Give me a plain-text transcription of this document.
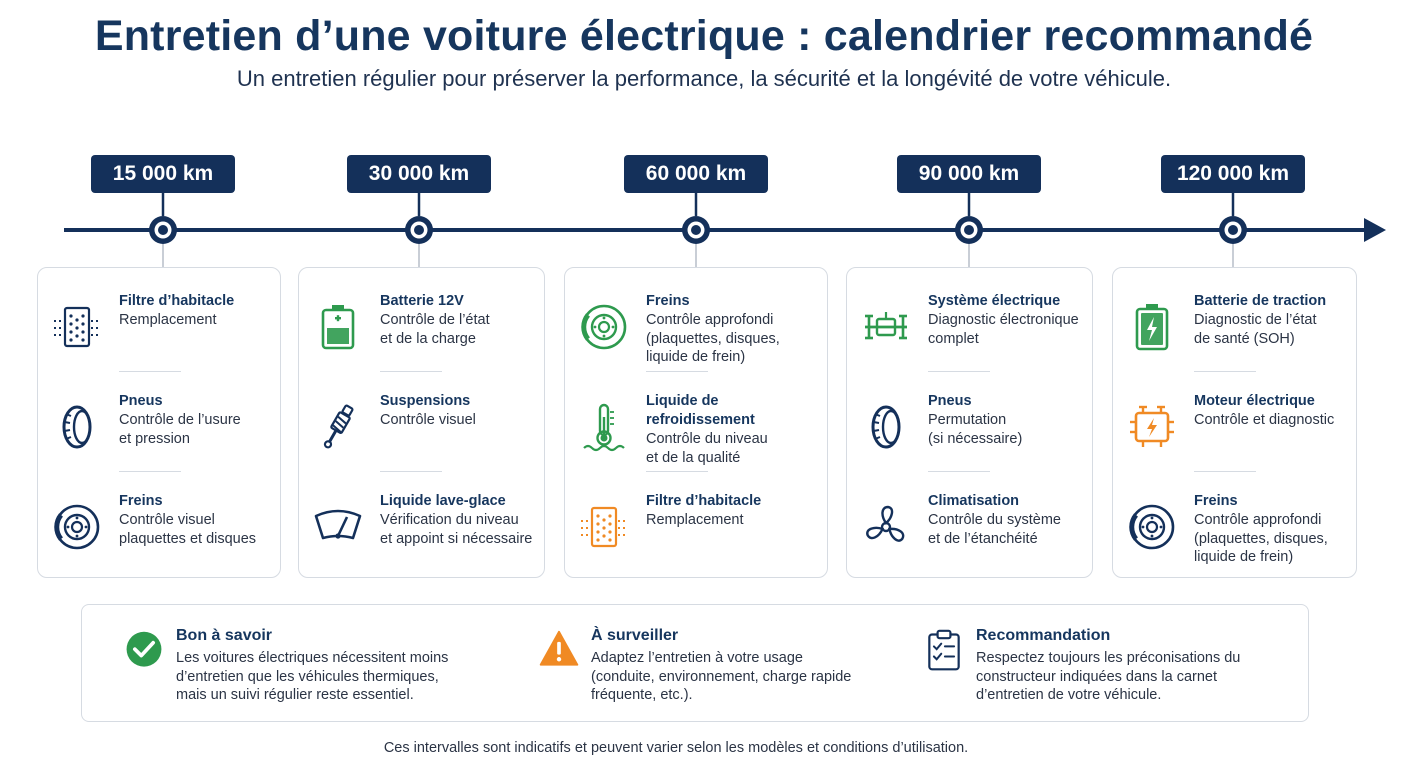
Entretien d’une voiture électrique : calendrier recommandé
Un entretien régulier pour préserver la performance, la sécurité et la longévité de votre véhicule.
15 000 km	30 000 km	60 000 km	90 000 km	120 000 km
Filtre d’habitacle
Remplacement
Pneus
Contrôle de l’usure
et pression
Freins
Contrôle visuel
plaquettes et disques
Batterie 12V
Contrôle de l’état
et de la charge
Suspensions
Contrôle visuel
Liquide lave-glace
Vérification du niveau
et appoint si nécessaire
Freins
Contrôle approfondi
(plaquettes, disques,
liquide de frein)
Liquide de refroidissement
Contrôle du niveau
et de la qualité
Filtre d’habitacle
Remplacement
Système électrique
Diagnostic électronique
complet
Pneus
Permutation
(si nécessaire)
Climatisation
Contrôle du système
et de l’étanchéité
Batterie de traction
Diagnostic de l’état
de santé (SOH)
Moteur électrique
Contrôle et diagnostic
Freins
Contrôle approfondi
(plaquettes, disques,
liquide de frein)
Bon à savoir
Les voitures électriques nécessitent moins
d’entretien que les véhicules thermiques,
mais un suivi régulier reste essentiel.
À surveiller
Adaptez l’entretien à votre usage
(conduite, environnement, charge rapide
fréquente, etc.).
Recommandation
Respectez toujours les préconisations du
constructeur indiquées dans la carnet
d’entretien de votre véhicule.
Ces intervalles sont indicatifs et peuvent varier selon les modèles et conditions d’utilisation.
